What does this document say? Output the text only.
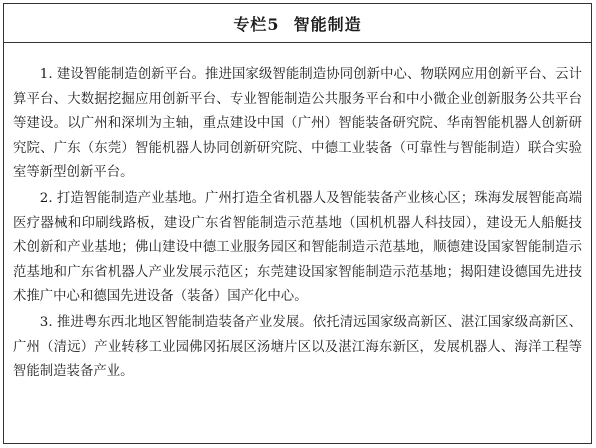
专栏5 智能制造

1. 建设智能制造创新平台。推进国家级智能制造协同创新中心、物联网应用创新平台、云计算平台、大数据挖掘应用创新平台、专业智能制造公共服务平台和中小微企业创新服务公共平台等建设。以广州和深圳为主轴，重点建设中国（广州）智能装备研究院、华南智能机器人创新研究院、广东（东莞）智能机器人协同创新研究院、中德工业装备（可靠性与智能制造）联合实验室等新型创新平台。

2. 打造智能制造产业基地。广州打造全省机器人及智能装备产业核心区；珠海发展智能高端医疗器械和印刷线路板，建设广东省智能制造示范基地（国机机器人科技园），建设无人船艇技术创新和产业基地；佛山建设中德工业服务园区和智能制造示范基地，顺德建设国家智能制造示范基地和广东省机器人产业发展示范区；东莞建设国家智能制造示范基地；揭阳建设德国先进技术推广中心和德国先进设备（装备）国产化中心。

3. 推进粤东西北地区智能制造装备产业发展。依托清远国家级高新区、湛江国家级高新区、广州（清远）产业转移工业园佛冈拓展区汤塘片区以及湛江海东新区，发展机器人、海洋工程等智能制造装备产业。
